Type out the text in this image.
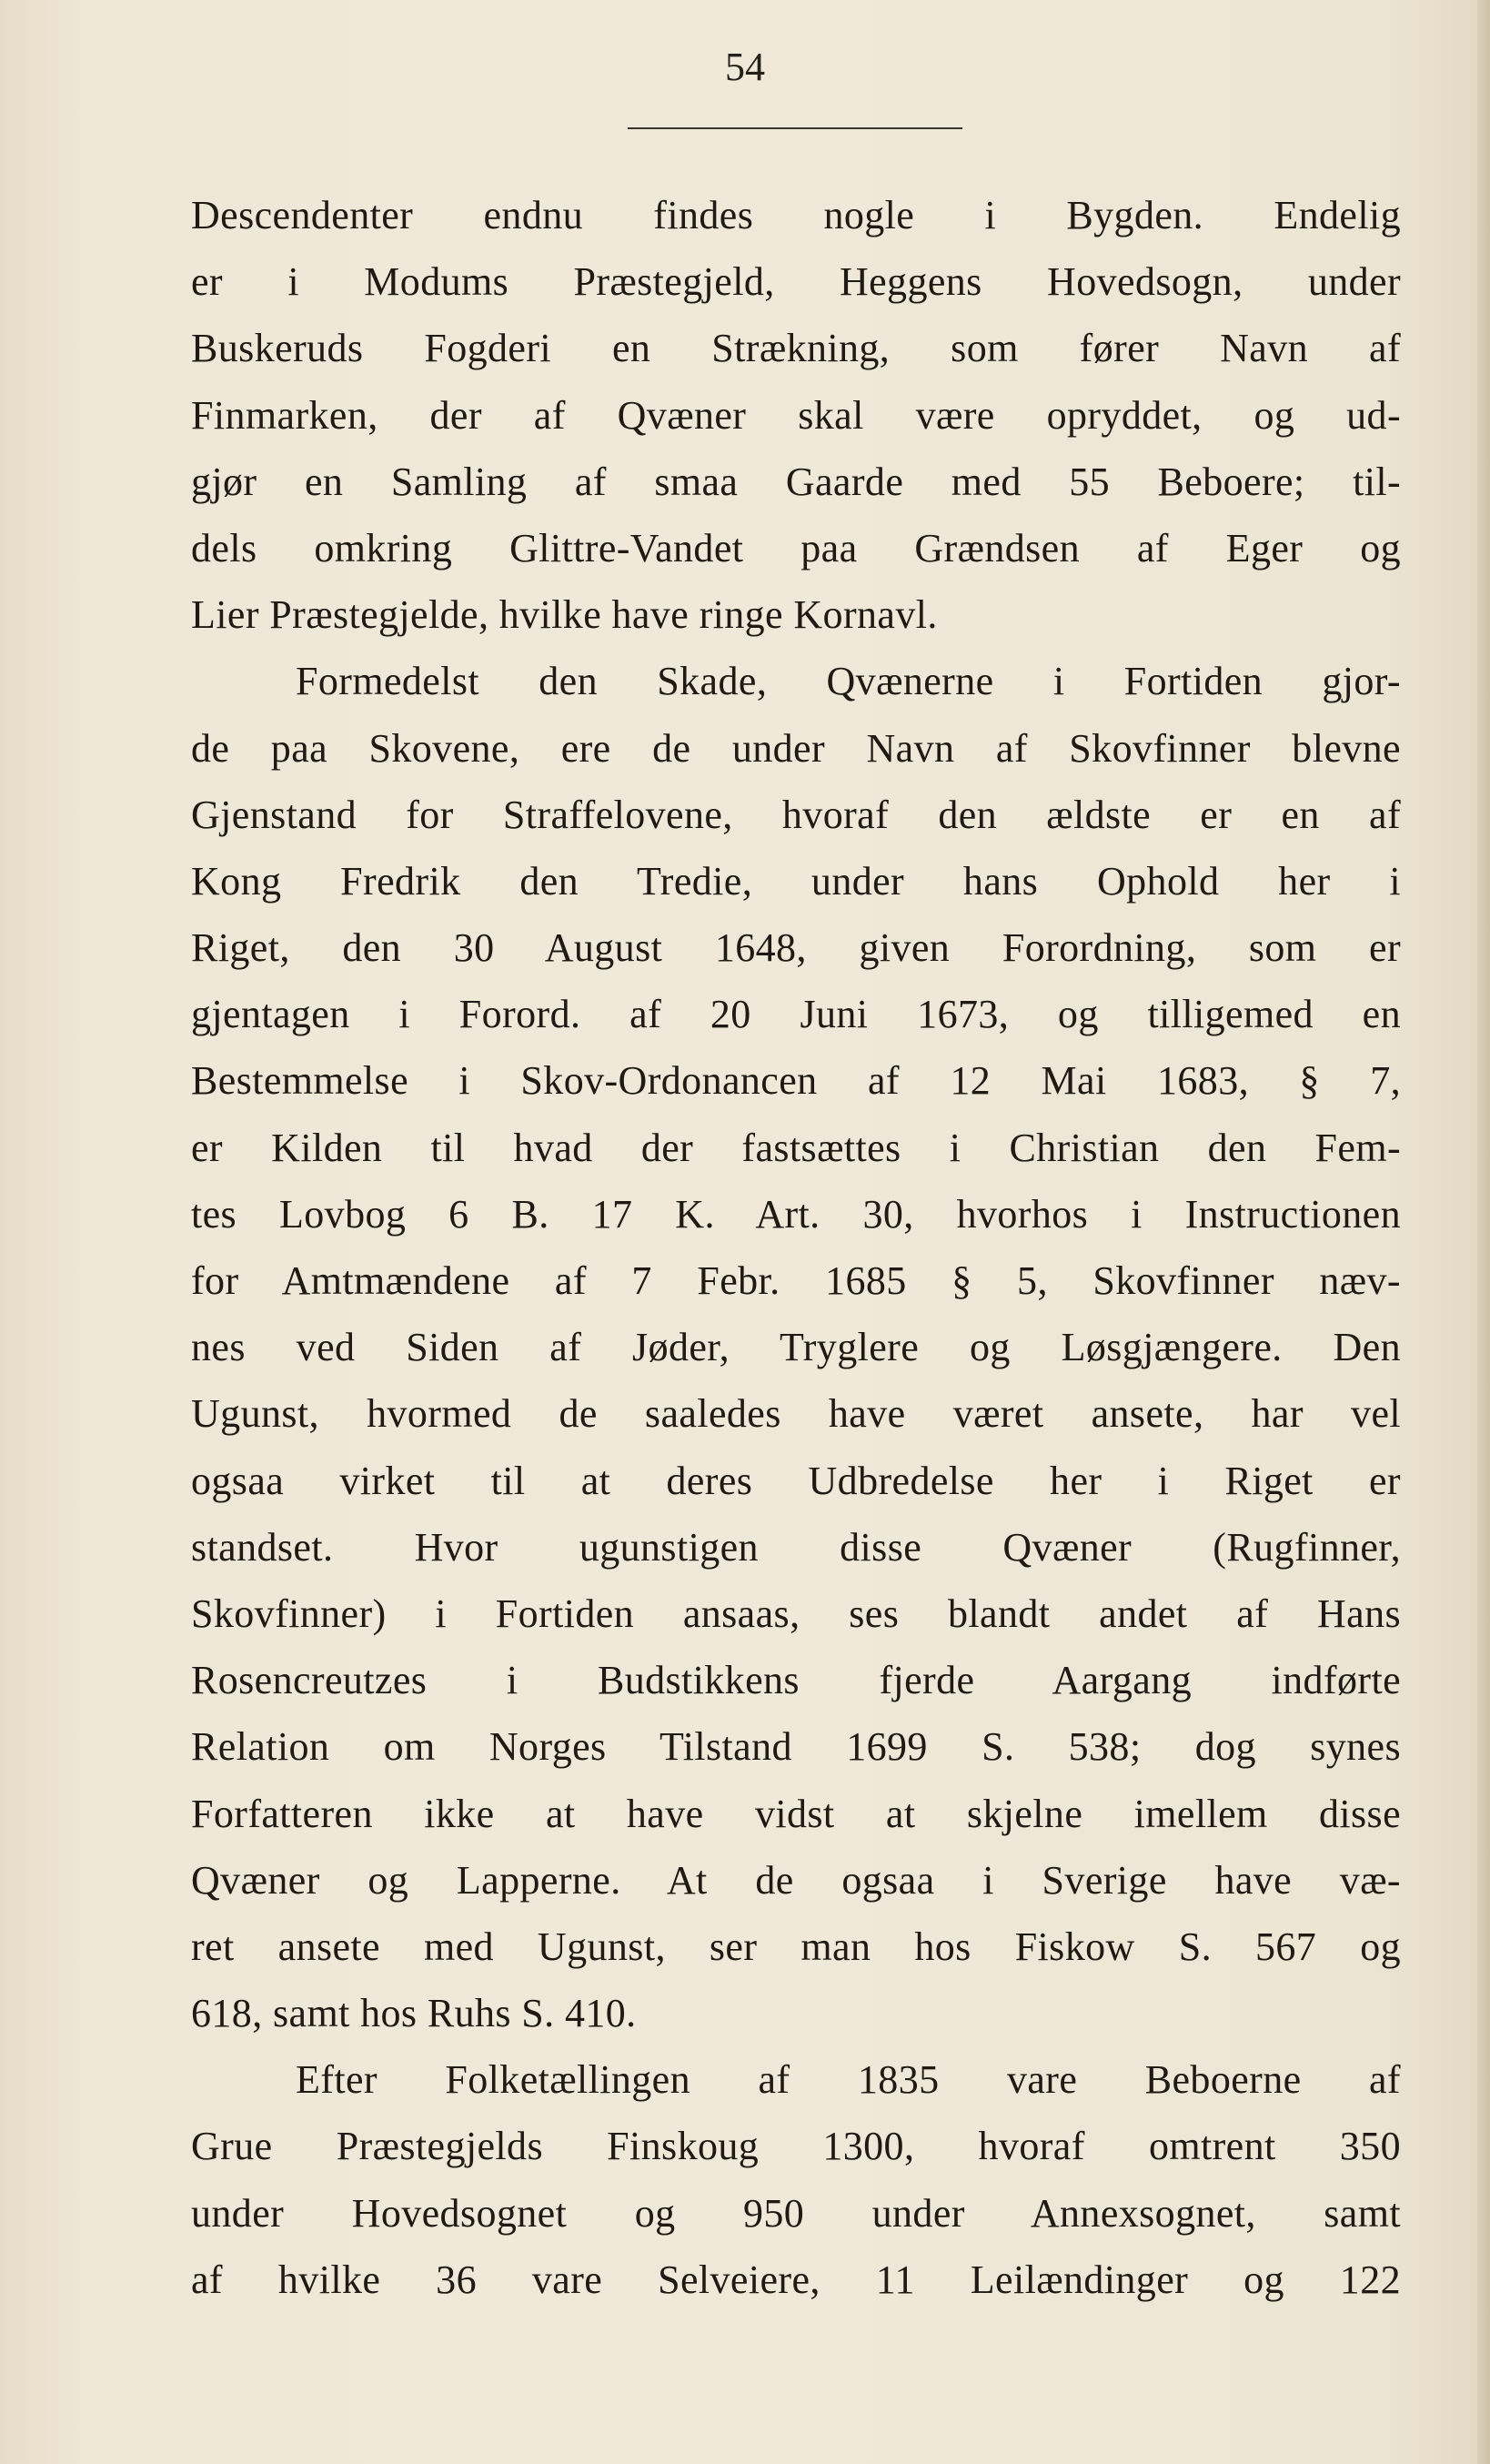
54
Descendenter endnu findes nogle i Bygden. Endelig
er i Modums Præstegjeld, Heggens Hovedsogn, under
Buskeruds Fogderi en Strækning, som fører Navn af
Finmarken, der af Qvæner skal være opryddet, og ud-
gjør en Samling af smaa Gaarde med 55 Beboere; til-
dels omkring Glittre-Vandet paa Grændsen af Eger og
Lier Præstegjelde, hvilke have ringe Kornavl.
Formedelst den Skade, Qvænerne i Fortiden gjor-
de paa Skovene, ere de under Navn af Skovfinner blevne
Gjenstand for Straffelovene, hvoraf den ældste er en af
Kong Fredrik den Tredie, under hans Ophold her i
Riget, den 30 August 1648, given Forordning, som er
gjentagen i Forord. af 20 Juni 1673, og tilligemed en
Bestemmelse i Skov-Ordonancen af 12 Mai 1683, § 7,
er Kilden til hvad der fastsættes i Christian den Fem-
tes Lovbog 6 B. 17 K. Art. 30, hvorhos i Instructionen
for Amtmændene af 7 Febr. 1685 § 5, Skovfinner næv-
nes ved Siden af Jøder, Tryglere og Løsgjængere. Den
Ugunst, hvormed de saaledes have været ansete, har vel
ogsaa virket til at deres Udbredelse her i Riget er
standset. Hvor ugunstigen disse Qvæner (Rugfinner,
Skovfinner) i Fortiden ansaas, ses blandt andet af Hans
Rosencreutzes i Budstikkens fjerde Aargang indførte
Relation om Norges Tilstand 1699 S. 538; dog synes
Forfatteren ikke at have vidst at skjelne imellem disse
Qvæner og Lapperne. At de ogsaa i Sverige have væ-
ret ansete med Ugunst, ser man hos Fiskow S. 567 og
618, samt hos Ruhs S. 410.
Efter Folketællingen af 1835 vare Beboerne af
Grue Præstegjelds Finskoug 1300, hvoraf omtrent 350
under Hovedsognet og 950 under Annexsognet, samt
af hvilke 36 vare Selveiere, 11 Leilændinger og 122
